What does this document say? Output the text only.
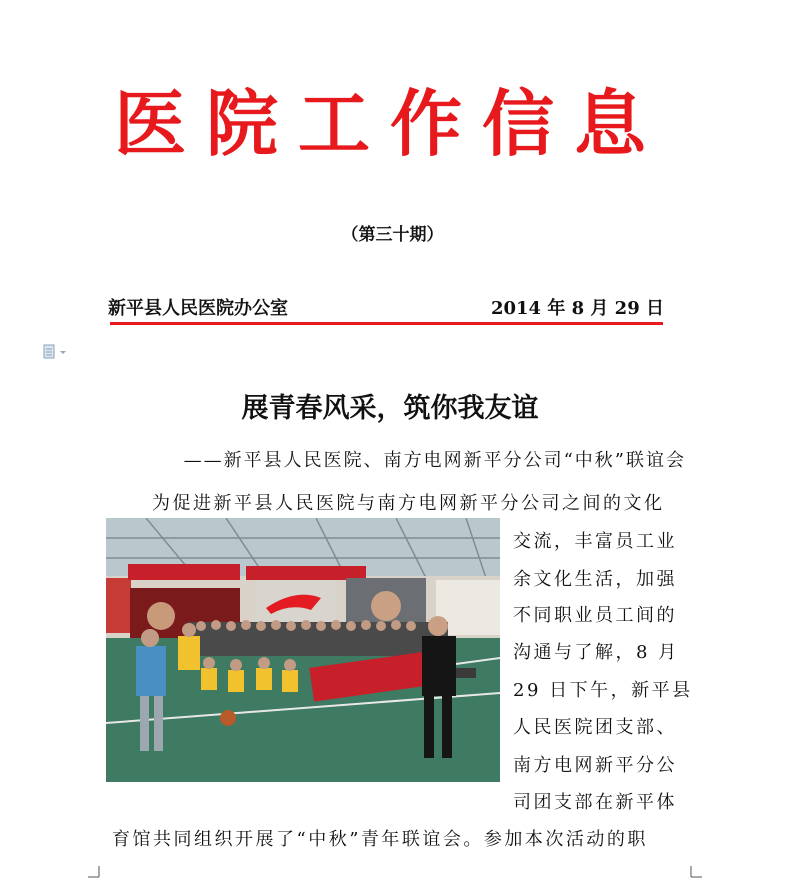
医院工作信息
（第三十期）
新平县人民医院办公室	2014 年 8 月 29 日
展青春风采，筑你我友谊
——新平县人民医院、南方电网新平分公司“中秋”联谊会
为促进新平县人民医院与南方电网新平分公司之间的文化
交流，丰富员工业
余文化生活，加强
不同职业员工间的
沟通与了解，8 月
29 日下午，新平县
人民医院团支部、
南方电网新平分公
司团支部在新平体
育馆共同组织开展了“中秋”青年联谊会。参加本次活动的职
